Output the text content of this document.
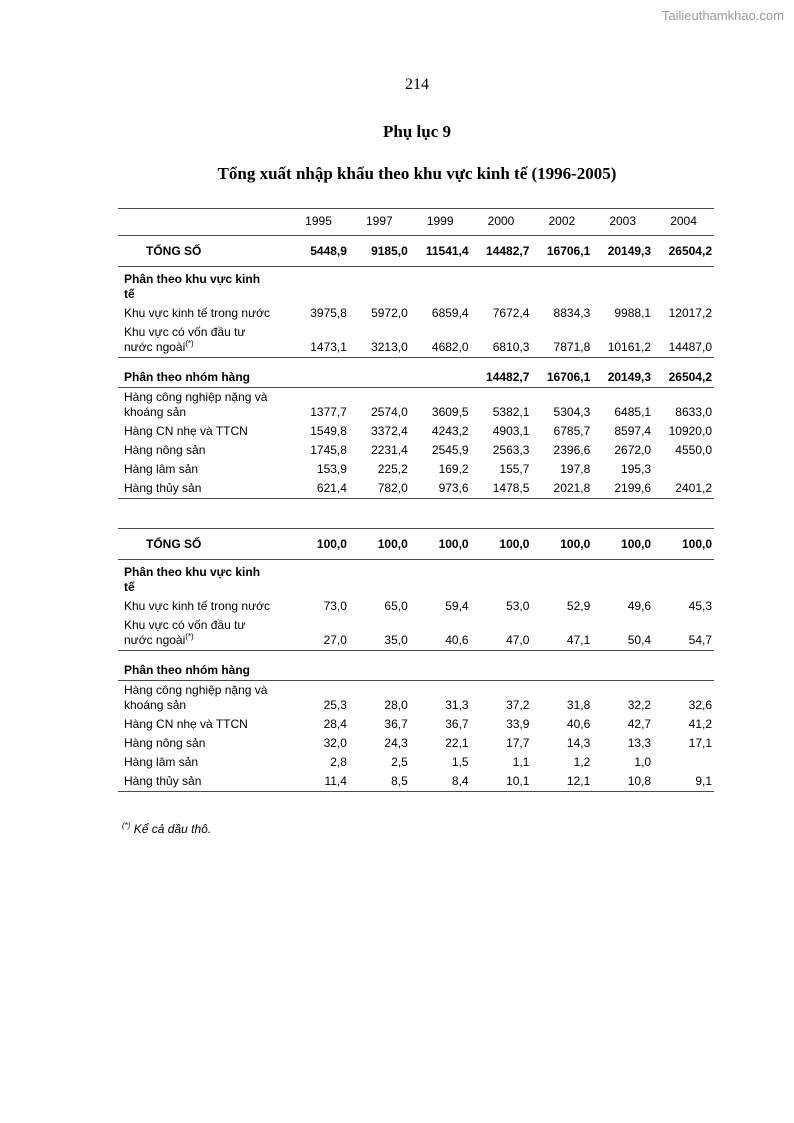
Tailieuthamkhao.com
214
Phụ lục 9
Tổng xuất nhập khẩu theo khu vực kinh tế (1996-2005)
	1995	1997	1999	2000	2002	2003	2004
TỔNG SỐ	5448,9	9185,0	11541,4	14482,7	16706,1	20149,3	26504,2
Phân theo khu vực kinh tế							
Khu vực kinh tế trong nước	3975,8	5972,0	6859,4	7672,4	8834,3	9988,1	12017,2
Khu vực có vốn đầu tư nước ngoài(*)	1473,1	3213,0	4682,0	6810,3	7871,8	10161,2	14487,0
Phân theo nhóm hàng				14482,7	16706,1	20149,3	26504,2
Hàng công nghiệp nặng và khoáng sản	1377,7	2574,0	3609,5	5382,1	5304,3	6485,1	8633,0
Hàng CN nhẹ và TTCN	1549,8	3372,4	4243,2	4903,1	6785,7	8597,4	10920,0
Hàng nông sản	1745,8	2231,4	2545,9	2563,3	2396,6	2672,0	4550,0
Hàng lâm sản	153,9	225,2	169,2	155,7	197,8	195,3	
Hàng thủy sản	621,4	782,0	973,6	1478,5	2021,8	2199,6	2401,2

TỔNG SỐ	100,0	100,0	100,0	100,0	100,0	100,0	100,0
Phân theo khu vực kinh tế							
Khu vực kinh tế trong nước	73,0	65,0	59,4	53,0	52,9	49,6	45,3
Khu vực có vốn đầu tư nước ngoài(*)	27,0	35,0	40,6	47,0	47,1	50,4	54,7
Phân theo nhóm hàng							
Hàng công nghiệp nặng và khoáng sản	25,3	28,0	31,3	37,2	31,8	32,2	32,6
Hàng CN nhẹ và TTCN	28,4	36,7	36,7	33,9	40,6	42,7	41,2
Hàng nông sản	32,0	24,3	22,1	17,7	14,3	13,3	17,1
Hàng lâm sản	2,8	2,5	1,5	1,1	1,2	1,0	
Hàng thủy sản	11,4	8,5	8,4	10,1	12,1	10,8	9,1
(*) Kể cả dầu thô.
